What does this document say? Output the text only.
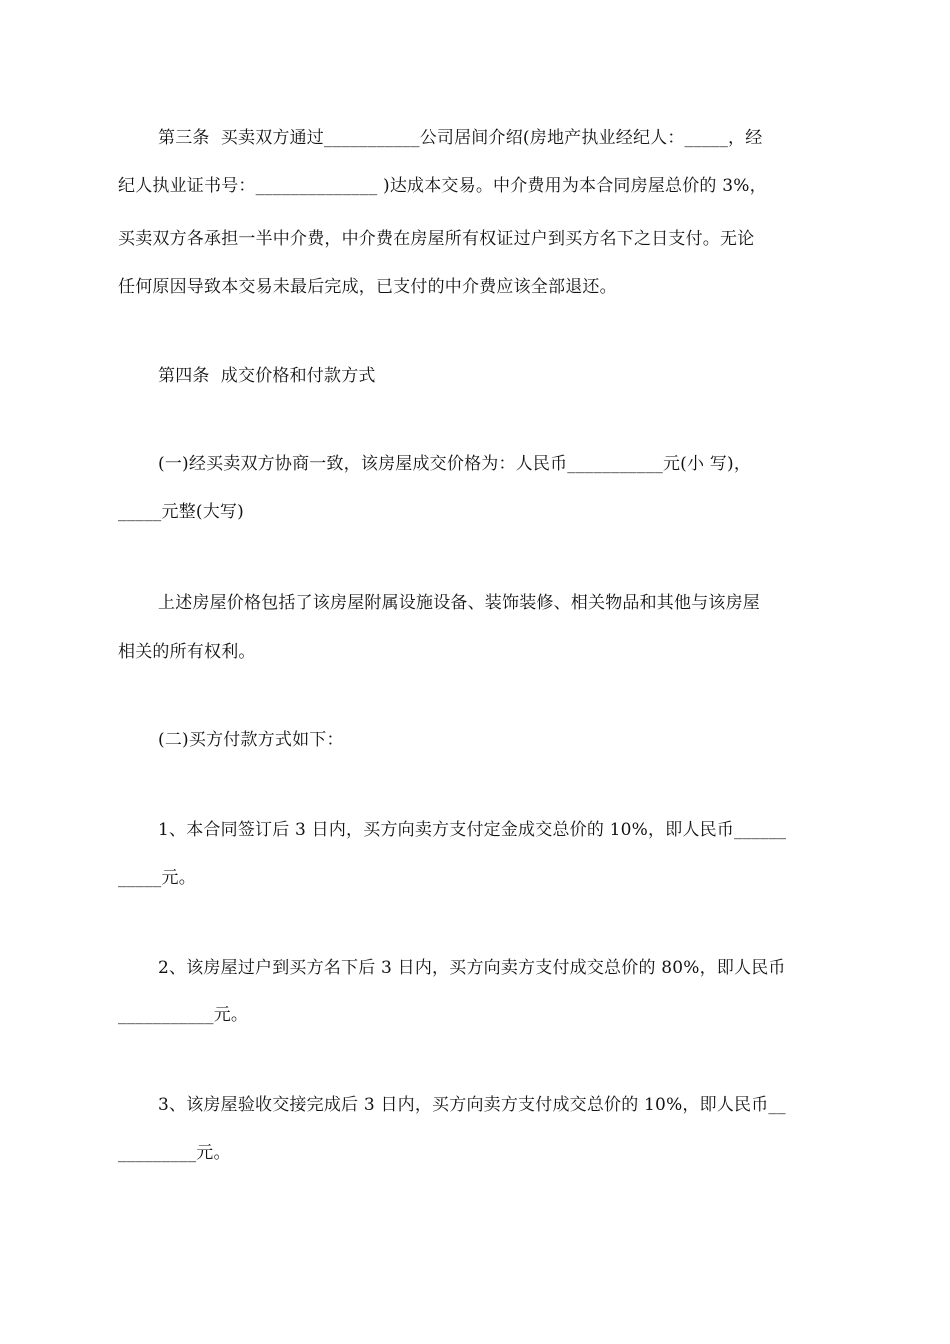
第三条  买卖双方通过___________公司居间介绍(房地产执业经纪人：_____，经
纪人执业证书号：______________ )达成本交易。中介费用为本合同房屋总价的 3%，
买卖双方各承担一半中介费，中介费在房屋所有权证过户到买方名下之日支付。无论
任何原因导致本交易未最后完成，已支付的中介费应该全部退还。
第四条  成交价格和付款方式
(一)经买卖双方协商一致，该房屋成交价格为：人民币___________元(小 写)，
_____元整(大写)
上述房屋价格包括了该房屋附属设施设备、装饰装修、相关物品和其他与该房屋
相关的所有权利。
(二)买方付款方式如下：
1、本合同签订后 3 日内，买方向卖方支付定金成交总价的 10%，即人民币______
_____元。
2、该房屋过户到买方名下后 3 日内，买方向卖方支付成交总价的 80%，即人民币
___________元。
3、该房屋验收交接完成后 3 日内，买方向卖方支付成交总价的 10%，即人民币__
_________元。
